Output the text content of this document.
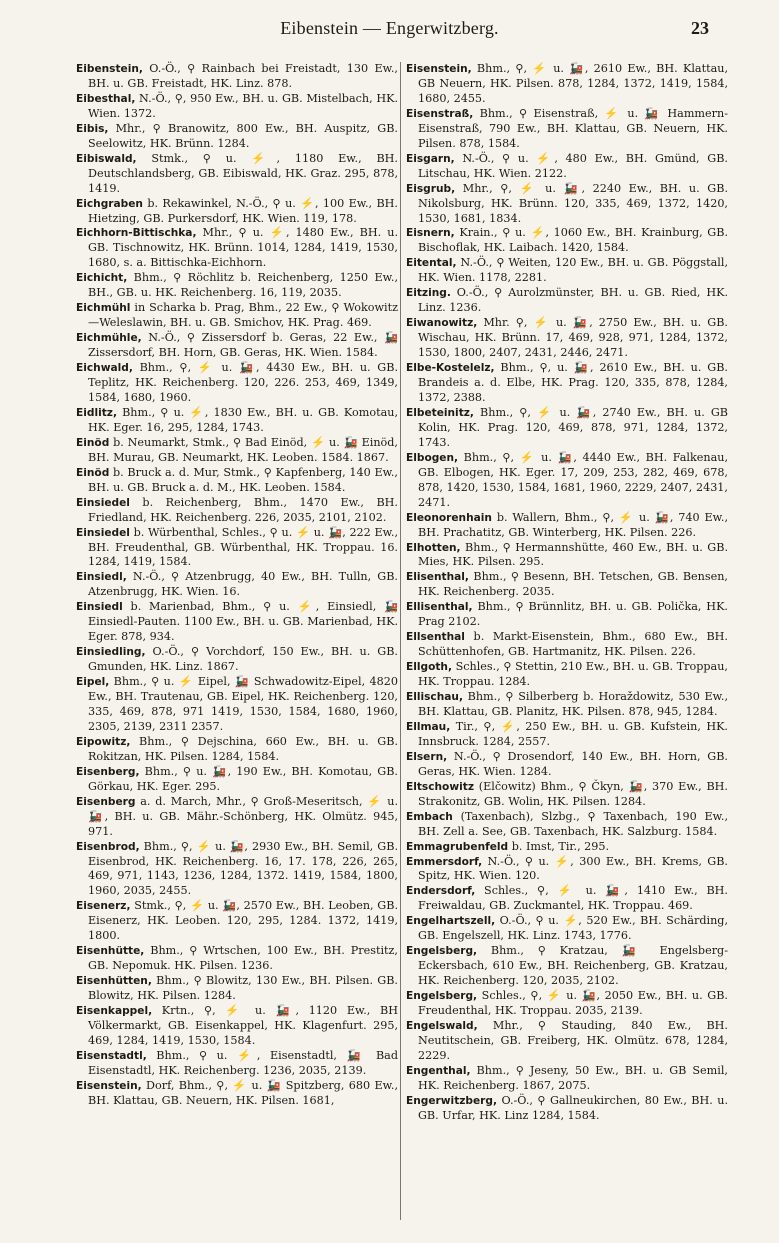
Eibenstein — Engerwitzberg.	23
Eibenstein, O.-Ö., ⚲ Rainbach bei Freistadt, 130 Ew., BH. u. GB. Freistadt, HK. Linz. 878.
Eibesthal, N.-Ö., ⚲, 950 Ew., BH. u. GB. Mistelbach, HK. Wien. 1372.
Eibis, Mhr., ⚲ Branowitz, 800 Ew., BH. Auspitz, GB. Seelowitz, HK. Brünn. 1284.
Eibiswald, Stmk., ⚲ u. ⚡, 1180 Ew., BH. Deutschlandsberg, GB. Eibiswald, HK. Graz. 295, 878, 1419.
Eichgraben b. Rekawinkel, N.-Ö., ⚲ u. ⚡, 100 Ew., BH. Hietzing, GB. Purkersdorf, HK. Wien. 119, 178.
Eichhorn-Bittischka, Mhr., ⚲ u. ⚡, 1480 Ew., BH. u. GB. Tischnowitz, HK. Brünn. 1014, 1284, 1419, 1530, 1680, s. a. Bittischka-Eichhorn.
Eichicht, Bhm., ⚲ Röchlitz b. Reichenberg, 1250 Ew., BH., GB. u. HK. Reichenberg. 16, 119, 2035.
Eichmühl in Scharka b. Prag, Bhm., 22 Ew., ⚲ Wokowitz—Weleslawin, BH. u. GB. Smichov, HK. Prag. 469.
Eichmühle, N.-Ö., ⚲ Zissersdorf b. Geras, 22 Ew., 🚂 Zissersdorf, BH. Horn, GB. Geras, HK. Wien. 1584.
Eichwald, Bhm., ⚲, ⚡ u. 🚂, 4430 Ew., BH. u. GB. Teplitz, HK. Reichenberg. 120, 226. 253, 469, 1349, 1584, 1680, 1960.
Eidlitz, Bhm., ⚲ u. ⚡, 1830 Ew., BH. u. GB. Komotau, HK. Eger. 16, 295, 1284, 1743.
Einöd b. Neumarkt, Stmk., ⚲ Bad Einöd, ⚡ u. 🚂 Einöd, BH. Murau, GB. Neumarkt, HK. Leoben. 1584. 1867.
Einöd b. Bruck a. d. Mur, Stmk., ⚲ Kapfenberg, 140 Ew., BH. u. GB. Bruck a. d. M., HK. Leoben. 1584.
Einsiedel b. Reichenberg, Bhm., 1470 Ew., BH. Friedland, HK. Reichenberg. 226, 2035, 2101, 2102.
Einsiedel b. Würbenthal, Schles., ⚲ u. ⚡ u. 🚂, 222 Ew., BH. Freudenthal, GB. Würbenthal, HK. Troppau. 16. 1284, 1419, 1584.
Einsiedl, N.-Ö., ⚲ Atzenbrugg, 40 Ew., BH. Tulln, GB. Atzenbrugg, HK. Wien. 16.
Einsiedl b. Marienbad, Bhm., ⚲ u. ⚡, Einsiedl, 🚂 Einsiedl-Pauten. 1100 Ew., BH. u. GB. Marienbad, HK. Eger. 878, 934.
Einsiedling, O.-Ö., ⚲ Vorchdorf, 150 Ew., BH. u. GB. Gmunden, HK. Linz. 1867.
Eipel, Bhm., ⚲ u. ⚡ Eipel, 🚂 Schwadowitz-Eipel, 4820 Ew., BH. Trautenau, GB. Eipel, HK. Reichenberg. 120, 335, 469, 878, 971 1419, 1530, 1584, 1680, 1960, 2305, 2139, 2311 2357.
Eipowitz, Bhm., ⚲ Dejschina, 660 Ew., BH. u. GB. Rokitzan, HK. Pilsen. 1284, 1584.
Eisenberg, Bhm., ⚲ u. 🚂, 190 Ew., BH. Komotau, GB. Görkau, HK. Eger. 295.
Eisenberg a. d. March, Mhr., ⚲ Groß-Meseritsch, ⚡ u. 🚂, BH. u. GB. Mähr.-Schönberg, HK. Olmütz. 945, 971.
Eisenbrod, Bhm., ⚲, ⚡ u. 🚂, 2930 Ew., BH. Semil, GB. Eisenbrod, HK. Reichenberg. 16, 17. 178, 226, 265, 469, 971, 1143, 1236, 1284, 1372. 1419, 1584, 1800, 1960, 2035, 2455.
Eisenerz, Stmk., ⚲, ⚡ u. 🚂, 2570 Ew., BH. Leoben, GB. Eisenerz, HK. Leoben. 120, 295, 1284. 1372, 1419, 1800.
Eisenhütte, Bhm., ⚲ Wrtschen, 100 Ew., BH. Prestitz, GB. Nepomuk. HK. Pilsen. 1236.
Eisenhütten, Bhm., ⚲ Blowitz, 130 Ew., BH. Pilsen. GB. Blowitz, HK. Pilsen. 1284.
Eisenkappel, Krtn., ⚲, ⚡ u. 🚂, 1120 Ew., BH Völkermarkt, GB. Eisenkappel, HK. Klagenfurt. 295, 469, 1284, 1419, 1530, 1584.
Eisenstadtl, Bhm., ⚲ u. ⚡, Eisenstadtl, 🚂 Bad Eisenstadtl, HK. Reichenberg. 1236, 2035, 2139.
Eisenstein, Dorf, Bhm., ⚲, ⚡ u. 🚂 Spitzberg, 680 Ew., BH. Klattau, GB. Neuern, HK. Pilsen. 1681,
Eisenstein, Bhm., ⚲, ⚡ u. 🚂, 2610 Ew., BH. Klattau, GB Neuern, HK. Pilsen. 878, 1284, 1372, 1419, 1584, 1680, 2455.
Eisenstraß, Bhm., ⚲ Eisenstraß, ⚡ u. 🚂 Hammern-Eisenstraß, 790 Ew., BH. Klattau, GB. Neuern, HK. Pilsen. 878, 1584.
Eisgarn, N.-Ö., ⚲ u. ⚡, 480 Ew., BH. Gmünd, GB. Litschau, HK. Wien. 2122.
Eisgrub, Mhr., ⚲, ⚡ u. 🚂, 2240 Ew., BH. u. GB. Nikolsburg, HK. Brünn. 120, 335, 469, 1372, 1420, 1530, 1681, 1834.
Eisnern, Krain., ⚲ u. ⚡, 1060 Ew., BH. Krainburg, GB. Bischoflak, HK. Laibach. 1420, 1584.
Eitental, N.-Ö., ⚲ Weiten, 120 Ew., BH. u. GB. Pöggstall, HK. Wien. 1178, 2281.
Eitzing. O.-Ö., ⚲ Aurolzmünster, BH. u. GB. Ried, HK. Linz. 1236.
Eiwanowitz, Mhr. ⚲, ⚡ u. 🚂, 2750 Ew., BH. u. GB. Wischau, HK. Brünn. 17, 469, 928, 971, 1284, 1372, 1530, 1800, 2407, 2431, 2446, 2471.
Elbe-Kostelelz, Bhm., ⚲, u. 🚂, 2610 Ew., BH. u. GB. Brandeis a. d. Elbe, HK. Prag. 120, 335, 878, 1284, 1372, 2388.
Elbeteinitz, Bhm., ⚲, ⚡ u. 🚂, 2740 Ew., BH. u. GB Kolin, HK. Prag. 120, 469, 878, 971, 1284, 1372, 1743.
Elbogen, Bhm., ⚲, ⚡ u. 🚂, 4440 Ew., BH. Falkenau, GB. Elbogen, HK. Eger. 17, 209, 253, 282, 469, 678, 878, 1420, 1530, 1584, 1681, 1960, 2229, 2407, 2431, 2471.
Eleonorenhain b. Wallern, Bhm., ⚲, ⚡ u. 🚂, 740 Ew., BH. Prachatitz, GB. Winterberg, HK. Pilsen. 226.
Elhotten, Bhm., ⚲ Hermannshütte, 460 Ew., BH. u. GB. Mies, HK. Pilsen. 295.
Elisenthal, Bhm., ⚲ Besenn, BH. Tetschen, GB. Bensen, HK. Reichenberg. 2035.
Ellisenthal, Bhm., ⚲ Brünnlitz, BH. u. GB. Polička, HK. Prag 2102.
Ellsenthal b. Markt-Eisenstein, Bhm., 680 Ew., BH. Schüttenhofen, GB. Hartmanitz, HK. Pilsen. 226.
Ellgoth, Schles., ⚲ Stettin, 210 Ew., BH. u. GB. Troppau, HK. Troppau. 1284.
Ellischau, Bhm., ⚲ Silberberg b. Horaždowitz, 530 Ew., BH. Klattau, GB. Planitz, HK. Pilsen. 878, 945, 1284.
Ellmau, Tir., ⚲, ⚡, 250 Ew., BH. u. GB. Kufstein, HK. Innsbruck. 1284, 2557.
Elsern, N.-Ö., ⚲ Drosendorf, 140 Ew., BH. Horn, GB. Geras, HK. Wien. 1284.
Eltschowitz (Elčowitz) Bhm., ⚲ Čkyn, 🚂, 370 Ew., BH. Strakonitz, GB. Wolin, HK. Pilsen. 1284.
Embach (Taxenbach), Slzbg., ⚲ Taxenbach, 190 Ew., BH. Zell a. See, GB. Taxenbach, HK. Salzburg. 1584.
Emmagrubenfeld b. Imst, Tir., 295.
Emmersdorf, N.-Ö., ⚲ u. ⚡, 300 Ew., BH. Krems, GB. Spitz, HK. Wien. 120.
Endersdorf, Schles., ⚲, ⚡ u. 🚂, 1410 Ew., BH. Freiwaldau, GB. Zuckmantel, HK. Troppau. 469.
Engelhartszell, O.-Ö., ⚲ u. ⚡, 520 Ew., BH. Schärding, GB. Engelszell, HK. Linz. 1743, 1776.
Engelsberg, Bhm., ⚲ Kratzau, 🚂 Engelsberg-Eckersbach, 610 Ew., BH. Reichenberg, GB. Kratzau, HK. Reichenberg. 120, 2035, 2102.
Engelsberg, Schles., ⚲, ⚡ u. 🚂, 2050 Ew., BH. u. GB. Freudenthal, HK. Troppau. 2035, 2139.
Engelswald, Mhr., ⚲ Stauding, 840 Ew., BH. Neutitschein, GB. Freiberg, HK. Olmütz. 678, 1284, 2229.
Engenthal, Bhm., ⚲ Jeseny, 50 Ew., BH. u. GB Semil, HK. Reichenberg. 1867, 2075.
Engerwitzberg, O.-Ö., ⚲ Gallneukirchen, 80 Ew., BH. u. GB. Urfar, HK. Linz 1284, 1584.
